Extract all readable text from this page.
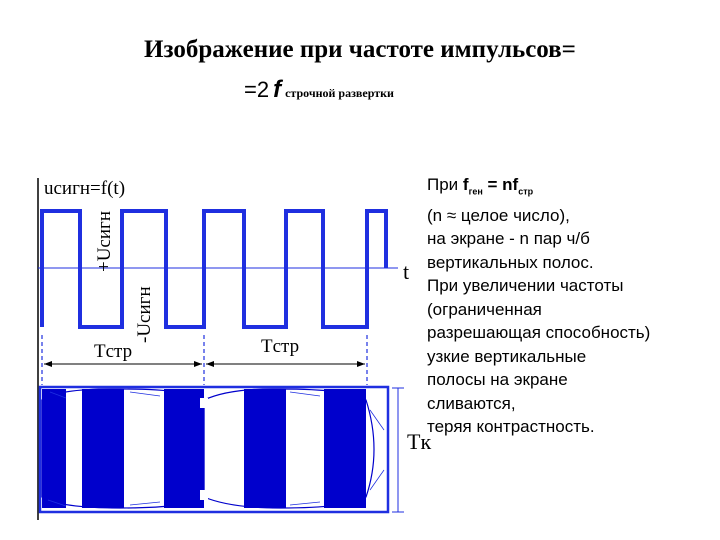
Изображение при частоте импульсов=
=2 f строчной развертки
uсигн=f(t)
+Uсигн
-Uсигн
t
Tстр	Tстр
Tк
При $f_{ген} = nf_{стр}$
(n ≈ целое число),
на экране - n пар ч/б
вертикальных полос.
При увеличении частоты
(ограниченная
разрешающая способность)
узкие вертикальные
полосы на экране
сливаются,
теряя контрастность.
